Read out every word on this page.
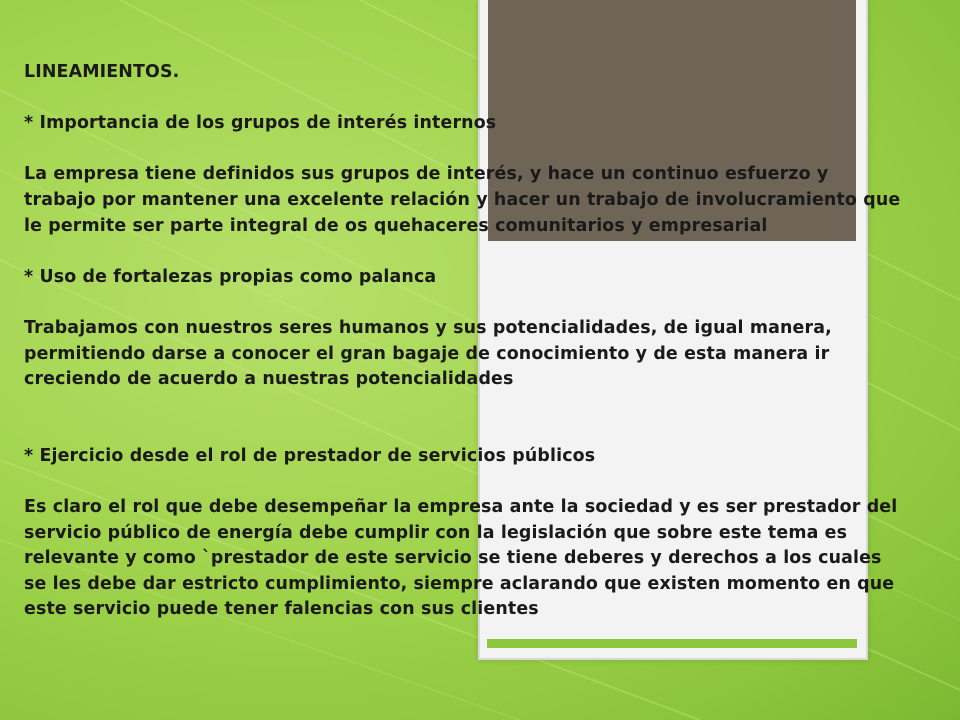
LINEAMIENTOS.

* Importancia de los grupos de interés internos

La empresa tiene definidos sus grupos de interés, y hace un continuo esfuerzo y

trabajo por mantener una excelente relación y hacer un trabajo de involucramiento que

le permite ser parte integral de os quehaceres comunitarios y empresarial

* Uso de fortalezas propias como palanca

Trabajamos con nuestros seres humanos y sus potencialidades, de igual manera,

permitiendo darse a conocer el gran bagaje de conocimiento y de esta manera ir

creciendo de acuerdo a nuestras potencialidades

* Ejercicio desde el rol de prestador de servicios públicos

Es claro el rol que debe desempeñar la empresa ante la sociedad y es ser prestador del

servicio público de energía debe cumplir con la legislación que sobre este tema es

relevante y como `prestador de este servicio se tiene deberes y derechos a los cuales

se les debe dar estricto cumplimiento, siempre aclarando que existen momento en que

este servicio puede tener falencias con sus clientes
